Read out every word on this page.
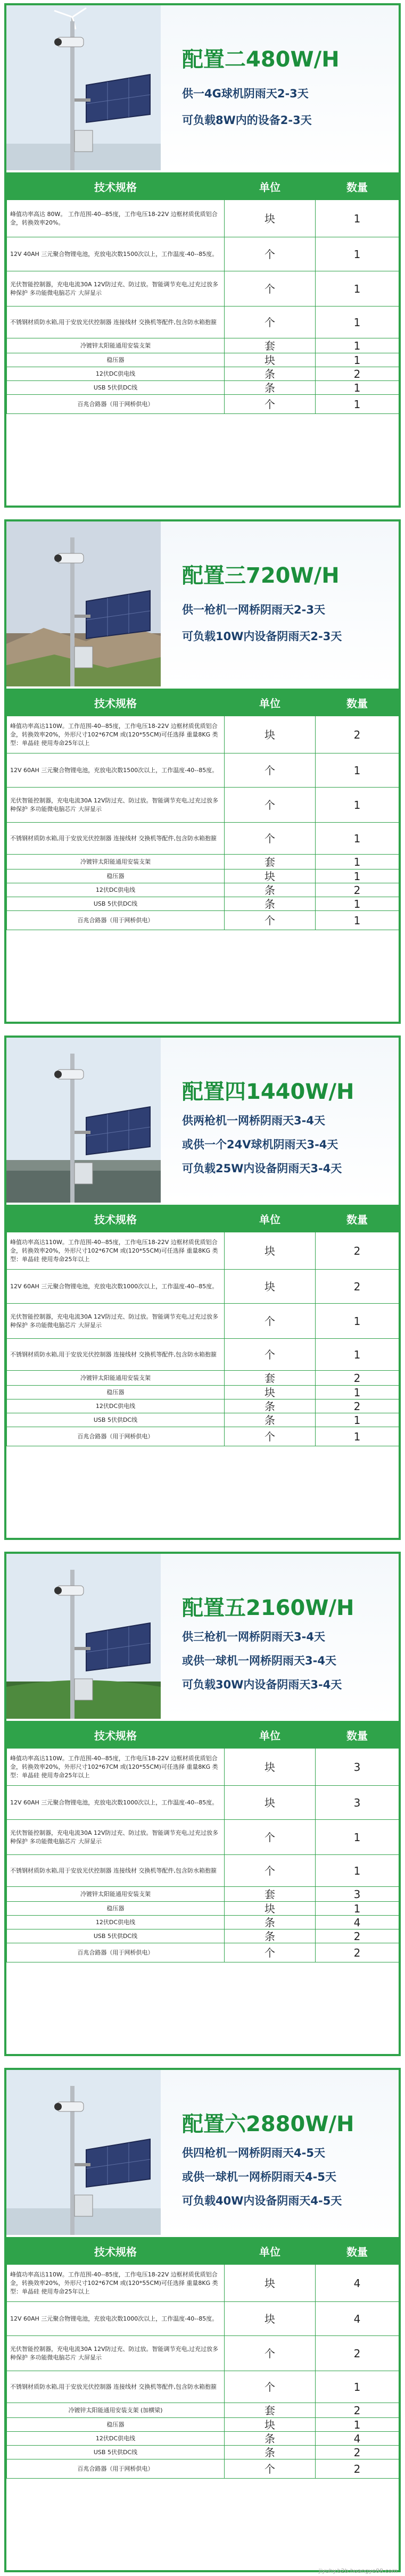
配置二480W/H
供一4G球机阴雨天2-3天
可负载8W内的设备2-3天
技术规格	单位	数量
峰值功率高达 80W。 工作范围-40--85度，工作电压18-22V 边框材质优质铝合金，转换效率20%。	块	1
12V 40AH 三元聚合物锂电池，充放电次数1500次以上，工作温度-40--85度。	个	1
光伏智能控制器，充电电流30A 12V防过充、防过放。智能调节充电,过充过放多种保护 多功能微电脑芯片 大屏显示	个	1
不锈钢材质防水箱,用于安放光伏控制器 连接线材 交换机等配件,包含防水箱抱箍	个	1
冷镀锌太阳能通用安装支架	套	1
稳压器	块	1
12伏DC供电线	条	2
USB 5伏供DC线	条	1
百兆合路器（用于网桥供电）	个	1
配置三720W/H
供一枪机一网桥阴雨天2-3天
可负载10W内设备阴雨天2-3天
技术规格	单位	数量
峰值功率高达110W。工作范围-40--85度，工作电压18-22V 边框材质优质铝合金，转换效率20%，外形尺寸102*67CM 或(120*55CM)可任选择 重量8KG 类型：单晶硅 使用寿命25年以上	块	2
12V 60AH 三元聚合物锂电池，充放电次数1500次以上，工作温度-40--85度。	个	1
光伏智能控制器，充电电流30A 12V防过充、防过放。智能调节充电,过充过放多种保护 多功能微电脑芯片 大屏显示	个	1
不锈钢材质防水箱,用于安放光伏控制器 连接线材 交换机等配件,包含防水箱抱箍	个	1
冷镀锌太阳能通用安装支架	套	1
稳压器	块	1
12伏DC供电线	条	2
USB 5伏供DC线	条	1
百兆合路器（用于网桥供电）	个	1
配置四1440W/H
供两枪机一网桥阴雨天3-4天
或供一个24V球机阴雨天3-4天
可负载25W内设备阴雨天3-4天
技术规格	单位	数量
峰值功率高达110W。工作范围-40--85度，工作电压18-22V 边框材质优质铝合金，转换效率20%，外形尺寸102*67CM 或(120*55CM)可任选择 重量8KG 类型：单晶硅 使用寿命25年以上	块	2
12V 60AH 三元聚合物锂电池，充放电次数1000次以上，工作温度-40--85度。	块	2
光伏智能控制器，充电电流30A 12V防过充、防过放。智能调节充电,过充过放多种保护 多功能微电脑芯片 大屏显示	个	1
不锈钢材质防水箱,用于安放光伏控制器 连接线材 交换机等配件,包含防水箱抱箍	个	1
冷镀锌太阳能通用安装支架	套	2
稳压器	块	1
12伏DC供电线	条	2
USB 5伏供DC线	条	1
百兆合路器（用于网桥供电）	个	1
配置五2160W/H
供三枪机一网桥阴雨天3-4天
或供一球机一网桥阴雨天3-4天
可负载30W内设备阴雨天3-4天
技术规格	单位	数量
峰值功率高达110W。工作范围-40--85度，工作电压18-22V 边框材质优质铝合金，转换效率20%，外形尺寸102*67CM 或(120*55CM)可任选择 重量8KG 类型：单晶硅 使用寿命25年以上	块	3
12V 60AH 三元聚合物锂电池，充放电次数1000次以上，工作温度-40--85度。	块	3
光伏智能控制器，充电电流30A 12V防过充、防过放。智能调节充电,过充过放多种保护 多功能微电脑芯片 大屏显示	个	1
不锈钢材质防水箱,用于安放光伏控制器 连接线材 交换机等配件,包含防水箱抱箍	个	1
冷镀锌太阳能通用安装支架	套	3
稳压器	块	1
12伏DC供电线	条	4
USB 5伏供DC线	条	2
百兆合路器（用于网桥供电）	个	2
配置六2880W/H
供四枪机一网桥阴雨天4-5天
或供一球机一网桥阴雨天4-5天
可负载40W内设备阴雨天4-5天
技术规格	单位	数量
峰值功率高达110W。工作范围-40--85度，工作电压18-22V 边框材质优质铝合金，转换效率20%，外形尺寸102*67CM 或(120*55CM)可任选择 重量8KG 类型：单晶硅 使用寿命25年以上	块	4
12V 60AH 三元聚合物锂电池，充放电次数1000次以上，工作温度-40--85度。	块	4
光伏智能控制器，充电电流30A 12V防过充、防过放。智能调节充电,过充过放多种保护 多功能微电脑芯片 大屏显示	个	2
不锈钢材质防水箱,用于安放光伏控制器 连接线材 交换机等配件,包含防水箱抱箍	个	1
冷镀锌太阳能通用安装支架 (加横梁)	套	2
稳压器	块	1
12伏DC供电线	条	4
USB 5伏供DC线	条	2
百兆合路器（用于网桥供电）	个	2
jiyuhy.b2b.huangye88.com
